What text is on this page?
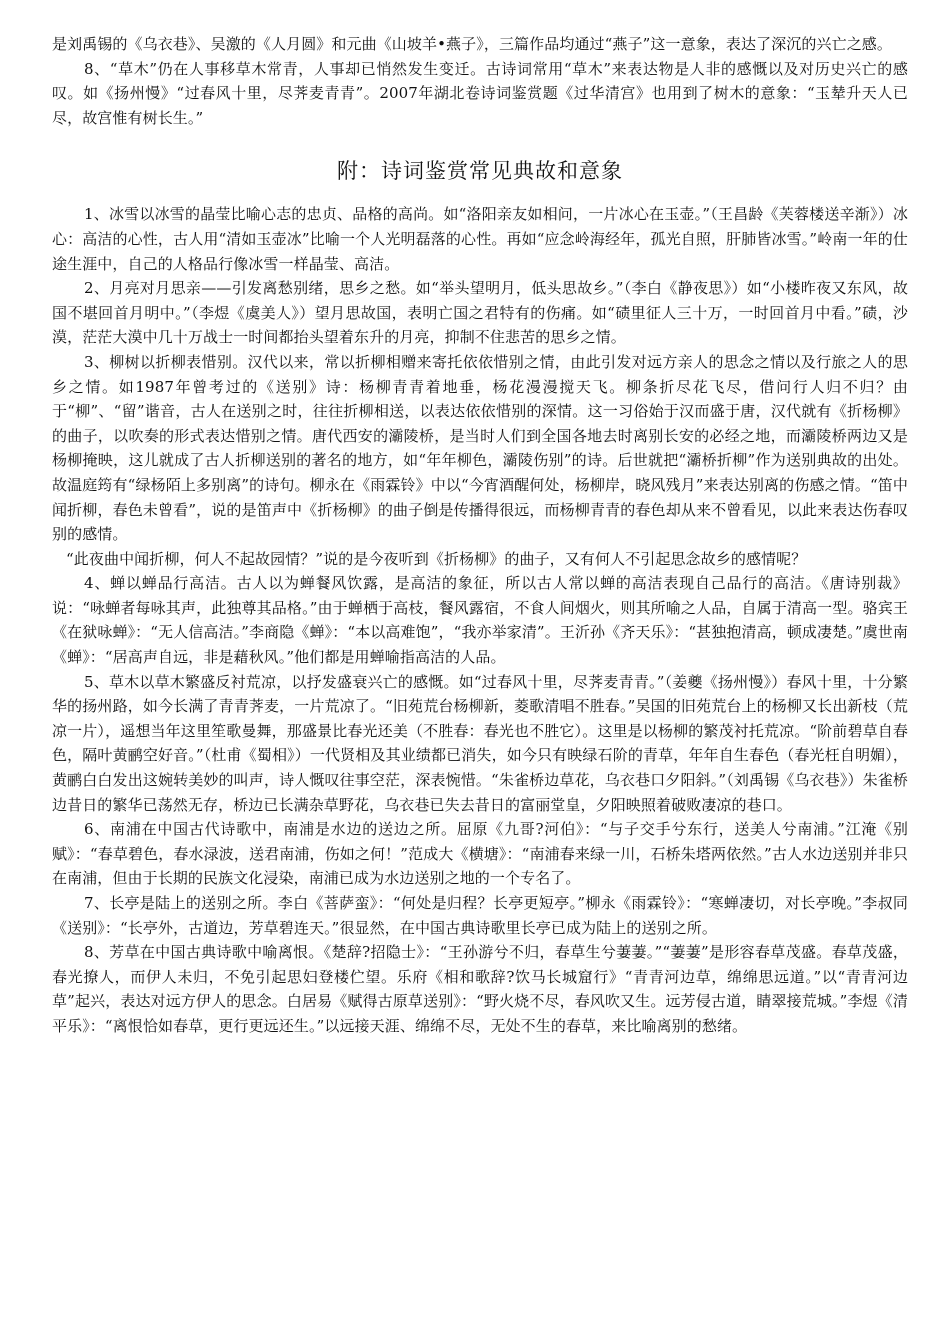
是刘禹锡的《乌衣巷》、吴激的《人月圆》和元曲《山坡羊•燕子》，三篇作品均通过“燕子”这一意象，表达了深沉的兴亡之感。

8、“草木”仍在人事移草木常青，人事却已悄然发生变迁。古诗词常用“草木”来表达物是人非的感慨以及对历史兴亡的感叹。如《扬州慢》“过春风十里，尽荠麦青青”。2007年湖北卷诗词鉴赏题《过华清宫》也用到了树木的意象：“玉辇升天人已尽，故宫惟有树长生。”

附：诗词鉴赏常见典故和意象

1、冰雪以冰雪的晶莹比喻心志的忠贞、品格的高尚。如“洛阳亲友如相问，一片冰心在玉壶。”（王昌龄《芙蓉楼送辛渐》）冰心：高洁的心性，古人用“清如玉壶冰”比喻一个人光明磊落的心性。再如“应念岭海经年，孤光自照，肝肺皆冰雪。”岭南一年的仕途生涯中，自己的人格品行像冰雪一样晶莹、高洁。

2、月亮对月思亲——引发离愁别绪，思乡之愁。如“举头望明月，低头思故乡。”（李白《静夜思》）如“小楼昨夜又东风，故国不堪回首月明中。”（李煜《虞美人》）望月思故国，表明亡国之君特有的伤痛。如“碛里征人三十万，一时回首月中看。”碛，沙漠，茫茫大漠中几十万战士一时间都抬头望着东升的月亮，抑制不住悲苦的思乡之情。

3、柳树以折柳表惜别。汉代以来，常以折柳相赠来寄托依依惜别之情，由此引发对远方亲人的思念之情以及行旅之人的思乡之情。如1987年曾考过的《送别》诗：杨柳青青着地垂，杨花漫漫搅天飞。柳条折尽花飞尽，借问行人归不归？由于“柳”、“留”谐音，古人在送别之时，往往折柳相送，以表达依依惜别的深情。这一习俗始于汉而盛于唐，汉代就有《折杨柳》的曲子，以吹奏的形式表达惜别之情。唐代西安的灞陵桥，是当时人们到全国各地去时离别长安的必经之地，而灞陵桥两边又是杨柳掩映，这儿就成了古人折柳送别的著名的地方，如“年年柳色，灞陵伤别”的诗。后世就把“灞桥折柳”作为送别典故的出处。故温庭筠有“绿杨陌上多别离”的诗句。柳永在《雨霖铃》中以“今宵酒醒何处，杨柳岸，晓风残月”来表达别离的伤感之情。“笛中闻折柳，春色未曾看”，说的是笛声中《折杨柳》的曲子倒是传播得很远，而杨柳青青的春色却从来不曾看见，以此来表达伤春叹别的感情。

“此夜曲中闻折柳，何人不起故园情？”说的是今夜听到《折杨柳》的曲子，又有何人不引起思念故乡的感情呢？

4、蝉以蝉品行高洁。古人以为蝉餐风饮露，是高洁的象征，所以古人常以蝉的高洁表现自己品行的高洁。《唐诗别裁》说：“咏蝉者每咏其声，此独尊其品格。”由于蝉栖于高枝，餐风露宿，不食人间烟火，则其所喻之人品，自属于清高一型。骆宾王《在狱咏蝉》：“无人信高洁。”李商隐《蝉》：“本以高难饱”，“我亦举家清”。王沂孙《齐天乐》：“甚独抱清高，顿成凄楚。”虞世南《蝉》：“居高声自远，非是藉秋风。”他们都是用蝉喻指高洁的人品。

5、草木以草木繁盛反衬荒凉，以抒发盛衰兴亡的感慨。如“过春风十里，尽荠麦青青。”（姜夔《扬州慢》）春风十里，十分繁华的扬州路，如今长满了青青荠麦，一片荒凉了。“旧苑荒台杨柳新，菱歌清唱不胜春。”吴国的旧苑荒台上的杨柳又长出新枝（荒凉一片），遥想当年这里笙歌曼舞，那盛景比春光还美（不胜春：春光也不胜它）。这里是以杨柳的繁茂衬托荒凉。“阶前碧草自春色，隔叶黄鹂空好音。”（杜甫《蜀相》）一代贤相及其业绩都已消失，如今只有映绿石阶的青草，年年自生春色（春光枉自明媚），黄鹂白白发出这婉转美妙的叫声，诗人慨叹往事空茫，深表惋惜。“朱雀桥边草花，乌衣巷口夕阳斜。”（刘禹锡《乌衣巷》）朱雀桥边昔日的繁华已荡然无存，桥边已长满杂草野花，乌衣巷已失去昔日的富丽堂皇，夕阳映照着破败凄凉的巷口。

6、南浦在中国古代诗歌中，南浦是水边的送边之所。屈原《九哥?河伯》：“与子交手兮东行，送美人兮南浦。”江淹《别赋》：“春草碧色，春水渌波，送君南浦，伤如之何！”范成大《横塘》：“南浦春来绿一川，石桥朱塔两依然。”古人水边送别并非只在南浦，但由于长期的民族文化浸染，南浦已成为水边送别之地的一个专名了。

7、长亭是陆上的送别之所。李白《菩萨蛮》：“何处是归程？长亭更短亭。”柳永《雨霖铃》：“寒蝉凄切，对长亭晚。”李叔同《送别》：“长亭外，古道边，芳草碧连天。”很显然，在中国古典诗歌里长亭已成为陆上的送别之所。

8、芳草在中国古典诗歌中喻离恨。《楚辞?招隐士》：“王孙游兮不归，春草生兮萋萋。”“萋萋”是形容春草茂盛。春草茂盛，春光撩人，而伊人未归，不免引起思妇登楼伫望。乐府《相和歌辞?饮马长城窟行》“青青河边草，绵绵思远道。”以“青青河边草”起兴，表达对远方伊人的思念。白居易《赋得古原草送别》：“野火烧不尽，春风吹又生。远芳侵古道，睛翠接荒城。”李煜《清平乐》：“离恨恰如春草，更行更远还生。”以远接天涯、绵绵不尽，无处不生的春草，来比喻离别的愁绪。
